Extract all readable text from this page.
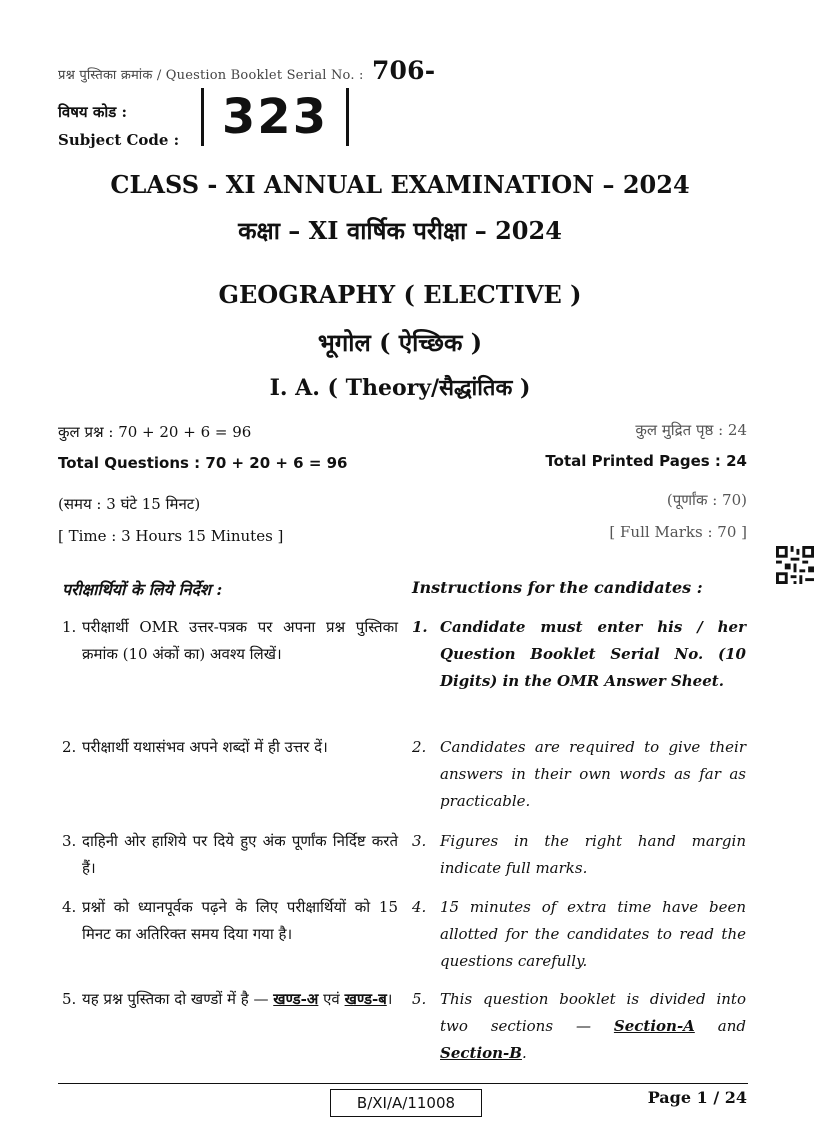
प्रश्न पुस्तिका क्रमांक / Question Booklet Serial No. : 706-
विषय कोड :
Subject Code : 323
CLASS - XI ANNUAL EXAMINATION – 2024
कक्षा – XI वार्षिक परीक्षा – 2024
GEOGRAPHY ( ELECTIVE )
भूगोल ( ऐच्छिक )
I. A. ( Theory/सैद्धांतिक )
कुल प्रश्न : 70 + 20 + 6 = 96	कुल मुद्रित पृष्ठ : 24
Total Questions : 70 + 20 + 6 = 96	Total Printed Pages : 24
(समय : 3 घंटे 15 मिनट)	(पूर्णांक : 70)
[ Time : 3 Hours 15 Minutes ]	[ Full Marks : 70 ]
परीक्षार्थियों के लिये निर्देश :	Instructions for the candidates :
1. परीक्षार्थी OMR उत्तर-पत्रक पर अपना प्रश्न पुस्तिका क्रमांक (10 अंकों का) अवश्य लिखें।
2. परीक्षार्थी यथासंभव अपने शब्दों में ही उत्तर दें।
3. दाहिनी ओर हाशिये पर दिये हुए अंक पूर्णांक निर्दिष्ट करते हैं।
4. प्रश्नों को ध्यानपूर्वक पढ़ने के लिए परीक्षार्थियों को 15 मिनट का अतिरिक्त समय दिया गया है।
5. यह प्रश्न पुस्तिका दो खण्डों में है — खण्ड-अ एवं खण्ड-ब।
1. Candidate must enter his / her Question Booklet Serial No. (10 Digits) in the OMR Answer Sheet.
2. Candidates are required to give their answers in their own words as far as practicable.
3. Figures in the right hand margin indicate full marks.
4. 15 minutes of extra time have been allotted for the candidates to read the questions carefully.
5. This question booklet is divided into two sections — Section-A and Section-B.
B/XI/A/11008	Page 1 / 24
